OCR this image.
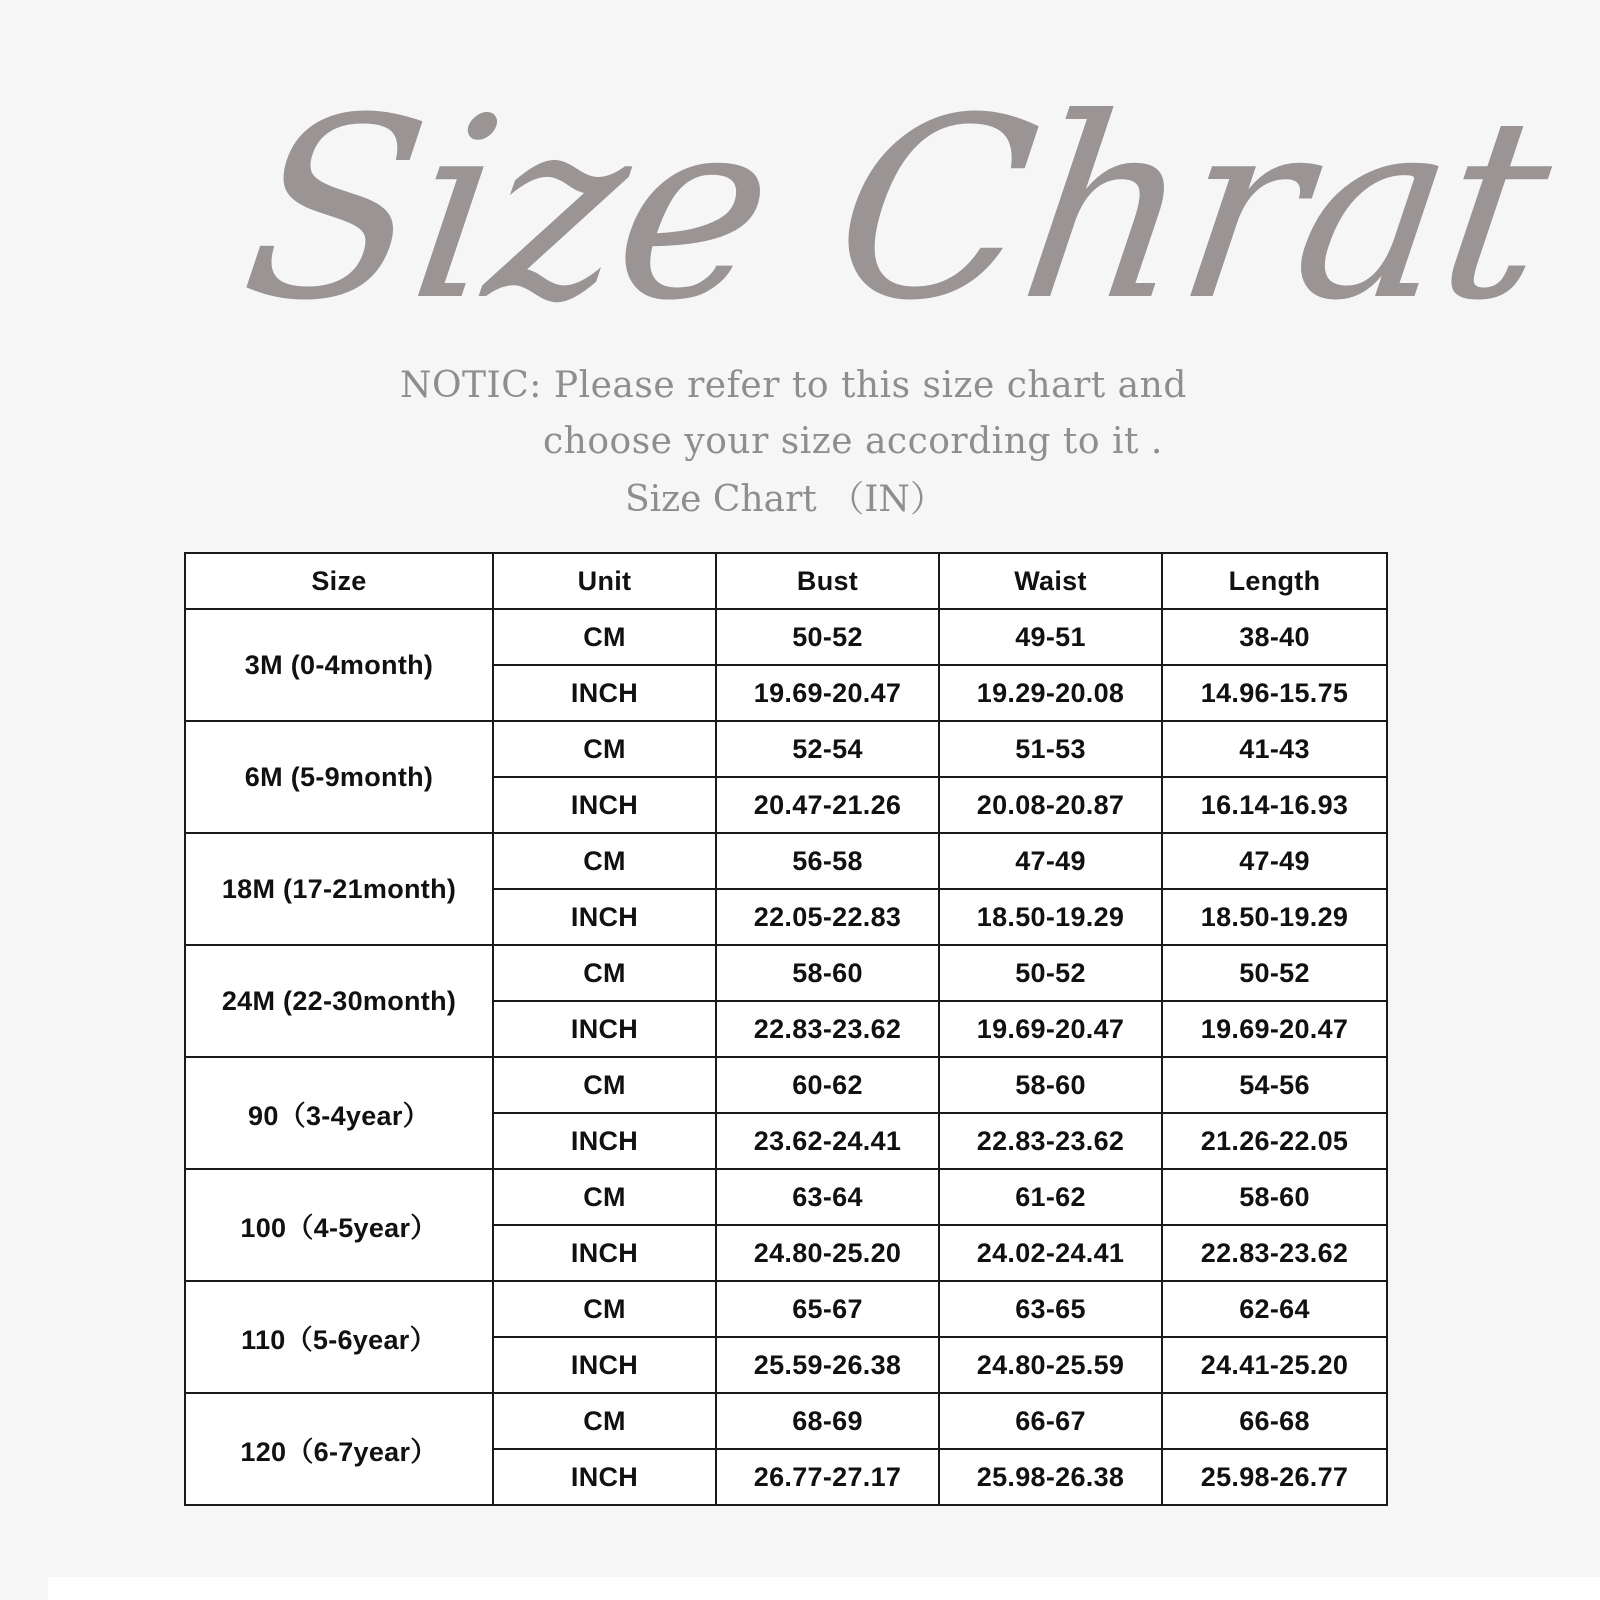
Size Chrat
NOTIC: Please refer to this size chart and
choose your size according to it .
Size Chart （IN）
Size	Unit	Bust	Waist	Length
3M (0-4month)	CM	50-52	49-51	38-40
	INCH	19.69-20.47	19.29-20.08	14.96-15.75
6M (5-9month)	CM	52-54	51-53	41-43
	INCH	20.47-21.26	20.08-20.87	16.14-16.93
18M (17-21month)	CM	56-58	47-49	47-49
	INCH	22.05-22.83	18.50-19.29	18.50-19.29
24M (22-30month)	CM	58-60	50-52	50-52
	INCH	22.83-23.62	19.69-20.47	19.69-20.47
90（3-4year）	CM	60-62	58-60	54-56
	INCH	23.62-24.41	22.83-23.62	21.26-22.05
100（4-5year）	CM	63-64	61-62	58-60
	INCH	24.80-25.20	24.02-24.41	22.83-23.62
110（5-6year）	CM	65-67	63-65	62-64
	INCH	25.59-26.38	24.80-25.59	24.41-25.20
120（6-7year）	CM	68-69	66-67	66-68
	INCH	26.77-27.17	25.98-26.38	25.98-26.77
